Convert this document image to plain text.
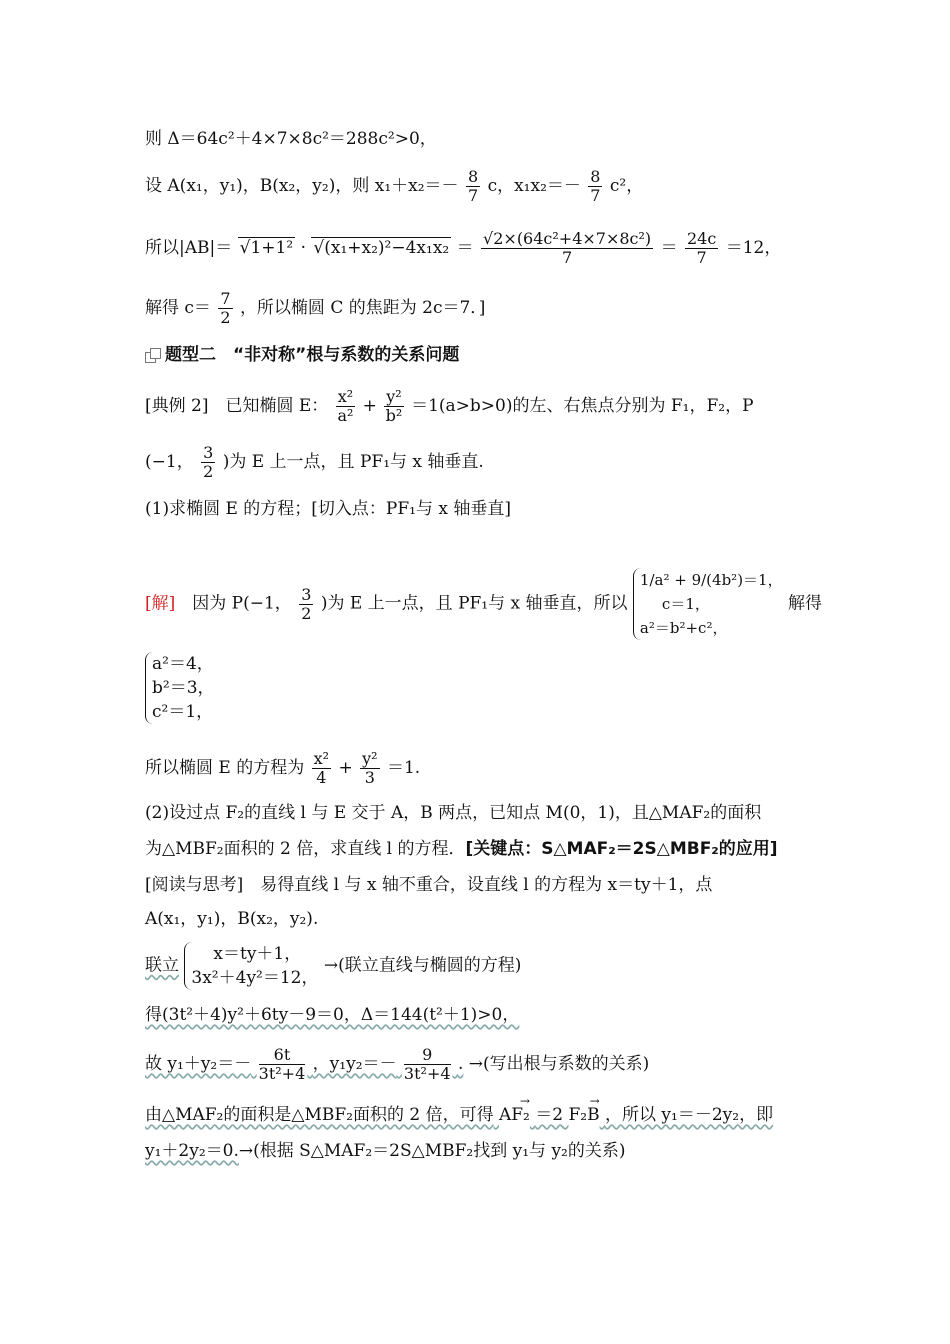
则 Δ＝64c²＋4×7×8c²＝288c²>0，
设 A(x₁，y₁)，B(x₂，y₂)，则 $x_1+x_2=- \frac{8}{7}$ c，$x_1x_2=- \frac{8}{7} c^2$，
所以$|AB|= √1+1^2 \cdot √(x_1+x_2)^2-4x_1x_2 = \frac{\text{√2×(64c²+4×7×8c²)}}{7} = \frac{24c}{7} =12$，
解得 $c= \frac{7}{2}$ ，所以椭圆 C 的焦距为 2c＝7．]
题型二　“非对称”根与系数的关系问题
[典例 2]　已知椭圆 E： $\frac{\text{x²}}{\text{a²}} + \frac{\text{y²}}{\text{b²}} =1(a>b>0)$的左、右焦点分别为 F₁，F₂，P
(−1， $\frac{3}{2}$ )为 E 上一点，且 PF₁与 x 轴垂直.
(1)求椭圆 E 的方程；[切入点：PF₁与 x 轴垂直]
[解]　因为 P(−1， $\frac{3}{2}$ )为 E 上一点，且 PF₁与 x 轴垂直，所以
1/a² + 9/(4b²)＝1，
c＝1，
a²＝b²+c²，
解得
a²＝4，
b²＝3，
c²＝1，
所以椭圆 E 的方程为 $\frac{\text{x²}}{4} + \frac{\text{y²}}{3} =1$.
(2)设过点 F₂的直线 l 与 E 交于 A，B 两点，已知点 M(0，1)，且△MAF₂的面积
为△MBF₂面积的 2 倍，求直线 l 的方程．[关键点：S△MAF₂＝2S△MBF₂的应用]
[阅读与思考]　易得直线 l 与 x 轴不重合，设直线 l 的方程为 x＝ty＋1，点
A(x₁，y₁)，B(x₂，y₂).
联立
x＝ty＋1，
3x²＋4y²＝12，
→(联立直线与椭圆的方程)
得(3t²＋4)y²＋6ty－9＝0，Δ＝144(t²＋1)>0，
故 $y_1+y_2=- \frac{6t}{\text{3t²+4}}$ ，$y_1y_2=- \frac{9}{\text{3t²+4}}$ . →(写出根与系数的关系)
由△MAF₂的面积是△MBF₂面积的 2 倍，可得 AF₂ → ＝2 F₂B → ，所以 y₁＝－2y₂，即
y₁＋2y₂＝0.→(根据 S△MAF₂＝2S△MBF₂找到 y₁与 y₂的关系)
